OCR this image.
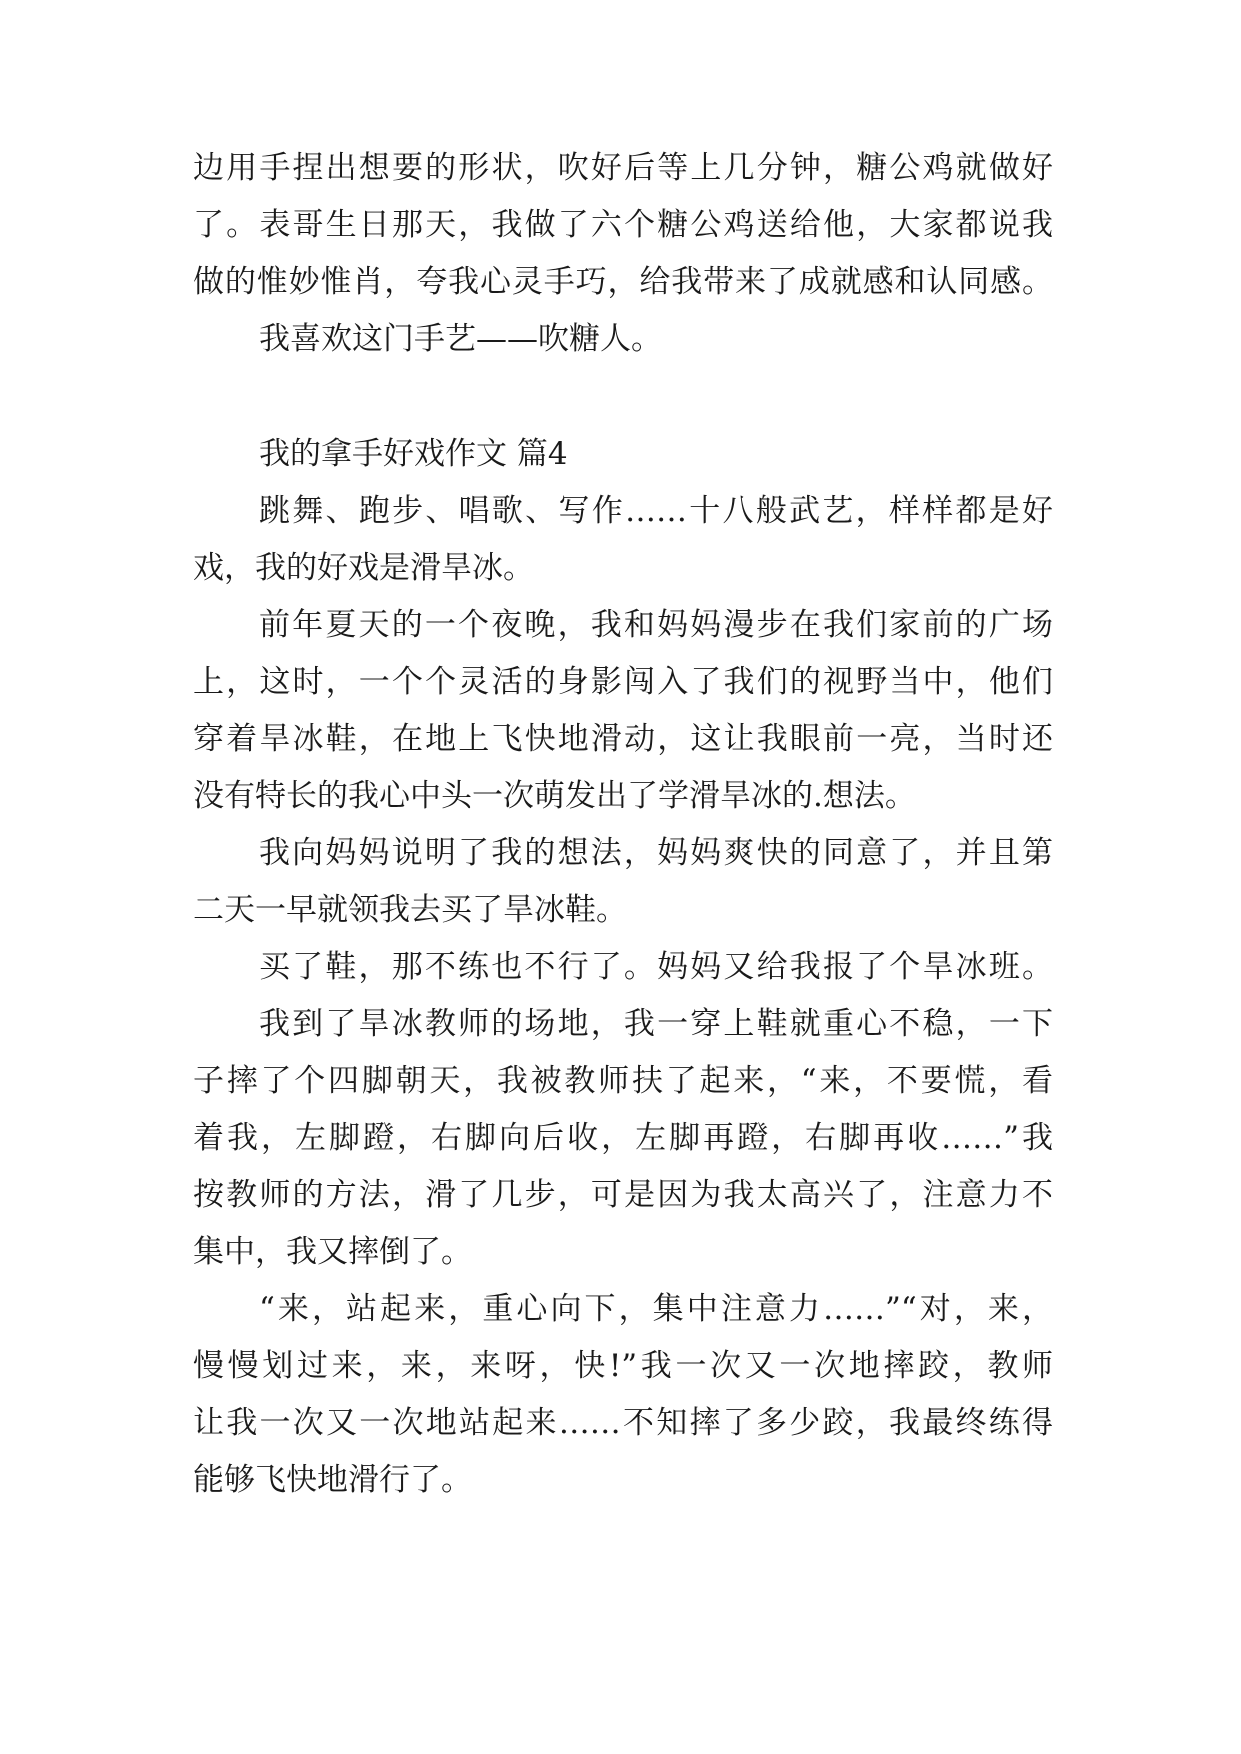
边用手捏出想要的形状，吹好后等上几分钟，糖公鸡就做好
了。表哥生日那天，我做了六个糖公鸡送给他，大家都说我
做的惟妙惟肖，夸我心灵手巧，给我带来了成就感和认同感。
我喜欢这门手艺——吹糖人。
我的拿手好戏作文 篇4
跳舞、跑步、唱歌、写作……十八般武艺，样样都是好
戏，我的好戏是滑旱冰。
前年夏天的一个夜晚，我和妈妈漫步在我们家前的广场
上，这时，一个个灵活的身影闯入了我们的视野当中，他们
穿着旱冰鞋，在地上飞快地滑动，这让我眼前一亮，当时还
没有特长的我心中头一次萌发出了学滑旱冰的.想法。
我向妈妈说明了我的想法，妈妈爽快的同意了，并且第
二天一早就领我去买了旱冰鞋。
买了鞋，那不练也不行了。妈妈又给我报了个旱冰班。
我到了旱冰教师的场地，我一穿上鞋就重心不稳，一下
子摔了个四脚朝天，我被教师扶了起来，“来，不要慌，看
着我，左脚蹬，右脚向后收，左脚再蹬，右脚再收……”我
按教师的方法，滑了几步，可是因为我太高兴了，注意力不
集中，我又摔倒了。
“来，站起来，重心向下，集中注意力……”“对，来，
慢慢划过来，来，来呀，快!”我一次又一次地摔跤，教师
让我一次又一次地站起来……不知摔了多少跤，我最终练得
能够飞快地滑行了。
